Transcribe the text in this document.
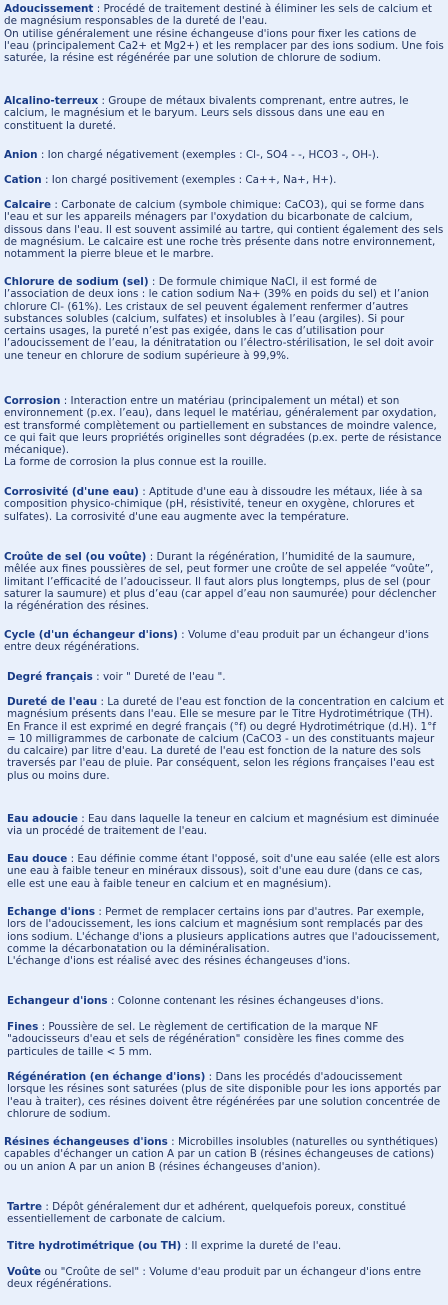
Adoucissement : Procédé de traitement destiné à éliminer les sels de calcium et de magnésium responsables de la dureté de l'eau.
On utilise généralement une résine échangeuse d'ions pour fixer les cations de l'eau (principalement Ca2+ et Mg2+) et les remplacer par des ions sodium. Une fois saturée, la résine est régénérée par une solution de chlorure de sodium.

Alcalino-terreux : Groupe de métaux bivalents comprenant, entre autres, le calcium, le magnésium et le baryum. Leurs sels dissous dans une eau en constituent la dureté.

Anion : Ion chargé négativement (exemples : Cl-, SO4 - -, HCO3 -, OH-).

Cation : Ion chargé positivement (exemples : Ca++, Na+, H+).

Calcaire : Carbonate de calcium (symbole chimique: CaCO3), qui se forme dans l'eau et sur les appareils ménagers par l'oxydation du bicarbonate de calcium, dissous dans l'eau. Il est souvent assimilé au tartre, qui contient également des sels de magnésium. Le calcaire est une roche très présente dans notre environnement, notamment la pierre bleue et le marbre.

Chlorure de sodium (sel) : De formule chimique NaCl, il est formé de l’association de deux ions : le cation sodium Na+ (39% en poids du sel) et l’anion chlorure Cl- (61%). Les cristaux de sel peuvent également renfermer d’autres substances solubles (calcium, sulfates) et insolubles à l’eau (argiles). Si pour certains usages, la pureté n’est pas exigée, dans le cas d’utilisation pour l’adoucissement de l’eau, la dénitratation ou l’électro-stérilisation, le sel doit avoir une teneur en chlorure de sodium supérieure à 99,9%.

Corrosion : Interaction entre un matériau (principalement un métal) et son environnement (p.ex. l’eau), dans lequel le matériau, généralement par oxydation, est transformé complètement ou partiellement en substances de moindre valence, ce qui fait que leurs propriétés originelles sont dégradées (p.ex. perte de résistance mécanique).
La forme de corrosion la plus connue est la rouille.

Corrosivité (d'une eau) : Aptitude d'une eau à dissoudre les métaux, liée à sa composition physico-chimique (pH, résistivité, teneur en oxygène, chlorures et sulfates). La corrosivité d'une eau augmente avec la température.

Croûte de sel (ou voûte) : Durant la régénération, l’humidité de la saumure, mêlée aux fines poussières de sel, peut former une croûte de sel appelée “voûte”, limitant l’efficacité de l’adoucisseur. Il faut alors plus longtemps, plus de sel (pour saturer la saumure) et plus d’eau (car appel d’eau non saumurée) pour déclencher la régénération des résines.

Cycle (d'un échangeur d'ions) : Volume d'eau produit par un échangeur d'ions entre deux régénérations.

Degré français : voir " Dureté de l'eau ".

Dureté de l'eau : La dureté de l'eau est fonction de la concentration en calcium et magnésium présents dans l'eau. Elle se mesure par le Titre Hydrotimétrique (TH). En France il est exprimé en degré français (°f) ou degré Hydrotimétrique (d.H). 1°f = 10 milligrammes de carbonate de calcium (CaCO3 - un des constituants majeur du calcaire) par litre d'eau. La dureté de l'eau est fonction de la nature des sols traversés par l'eau de pluie. Par conséquent, selon les régions françaises l'eau est plus ou moins dure.

Eau adoucie : Eau dans laquelle la teneur en calcium et magnésium est diminuée via un procédé de traitement de l'eau.

Eau douce : Eau définie comme étant l'opposé, soit d'une eau salée (elle est alors une eau à faible teneur en minéraux dissous), soit d'une eau dure (dans ce cas, elle est une eau à faible teneur en calcium et en magnésium).

Echange d'ions : Permet de remplacer certains ions par d'autres. Par exemple, lors de l'adoucissement, les ions calcium et magnésium sont remplacés par des ions sodium. L'échange d'ions a plusieurs applications autres que l'adoucissement, comme la décarbonatation ou la déminéralisation.
L'échange d'ions est réalisé avec des résines échangeuses d'ions.

Echangeur d'ions : Colonne contenant les résines échangeuses d'ions.

Fines : Poussière de sel. Le règlement de certification de la marque NF "adoucisseurs d'eau et sels de régénération" considère les fines comme des particules de taille < 5 mm.

Régénération (en échange d'ions) : Dans les procédés d'adoucissement lorsque les résines sont saturées (plus de site disponible pour les ions apportés par l'eau à traiter), ces résines doivent être régénérées par une solution concentrée de chlorure de sodium.

Résines échangeuses d'ions : Microbilles insolubles (naturelles ou synthétiques) capables d'échanger un cation A par un cation B (résines échangeuses de cations) ou un anion A par un anion B (résines échangeuses d'anion).

Tartre : Dépôt généralement dur et adhérent, quelquefois poreux, constitué essentiellement de carbonate de calcium.

Titre hydrotimétrique (ou TH) : Il exprime la dureté de l'eau.

Voûte ou "Croûte de sel" : Volume d'eau produit par un échangeur d'ions entre deux régénérations.
